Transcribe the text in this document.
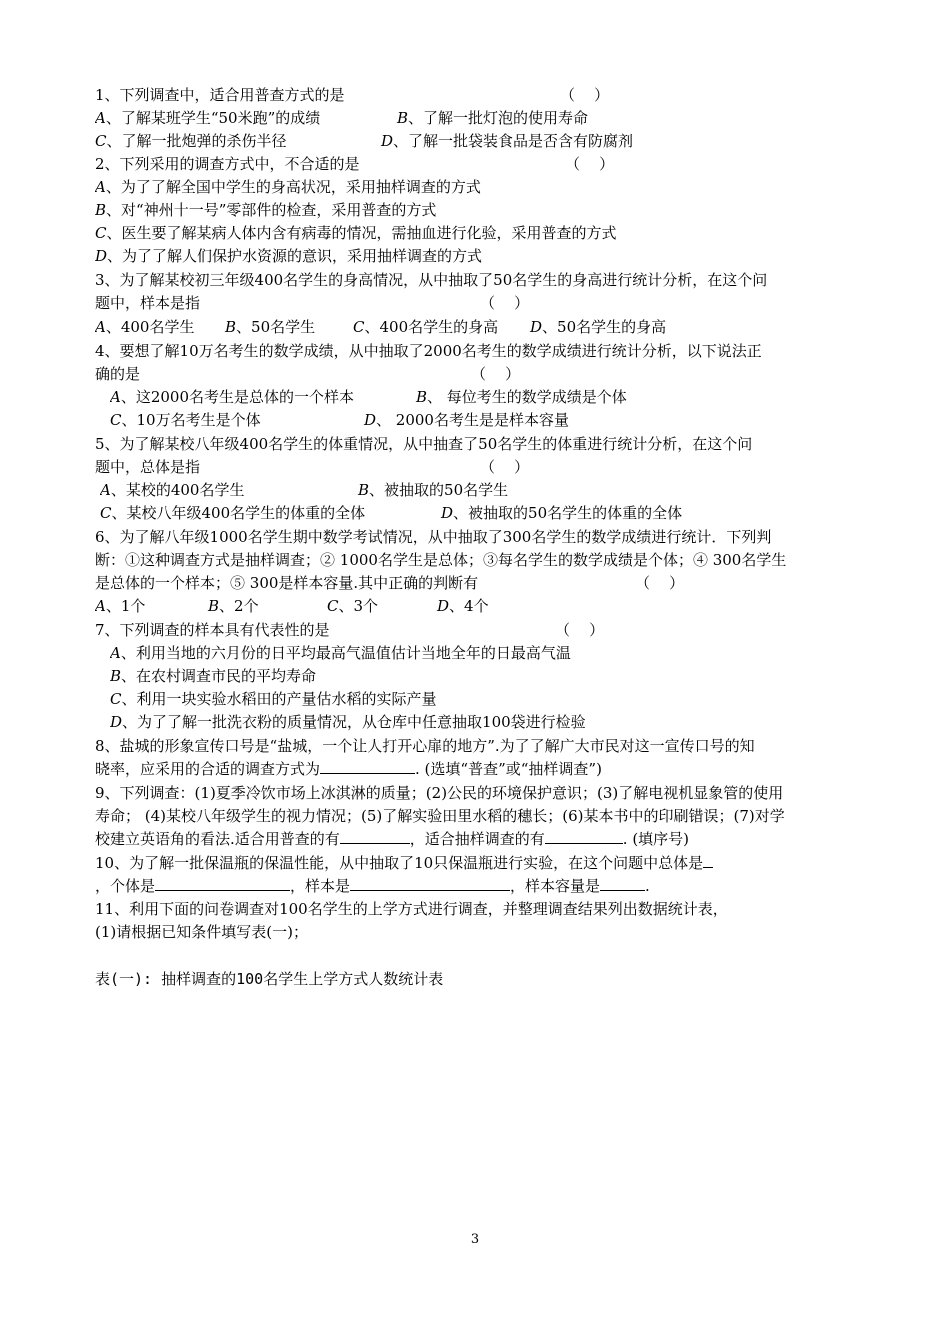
1、下列调查中，适合用普查方式的是	（    ）
A、了解某班学生“50米跑”的成绩	B、了解一批灯泡的使用寿命
C、了解一批炮弹的杀伤半径	D、了解一批袋装食品是否含有防腐剂
2、下列采用的调查方式中，不合适的是	（    ）
A、为了了解全国中学生的身高状况，采用抽样调查的方式
B、对“神州十一号”零部件的检查，采用普查的方式
C、医生要了解某病人体内含有病毒的情况，需抽血进行化验，采用普查的方式
D、为了了解人们保护水资源的意识，采用抽样调查的方式
3、为了解某校初三年级400名学生的身高情况，从中抽取了50名学生的身高进行统计分析，在这个问
题中，样本是指	（    ）
A、400名学生 B、50名学生	C、400名学生的身高 D、50名学生的身高
4、要想了解10万名考生的数学成绩，从中抽取了2000名考生的数学成绩进行统计分析，以下说法正
确的是	（    ）
A、这2000名考生是总体的一个样本	B、 每位考生的数学成绩是个体
C、10万名考生是个体	D、 2000名考生是是样本容量
5、为了解某校八年级400名学生的体重情况，从中抽查了50名学生的体重进行统计分析，在这个问
题中，总体是指	（    ）
A、某校的400名学生	B、被抽取的50名学生
C、某校八年级400名学生的体重的全体	D、被抽取的50名学生的体重的全体
6、为了解八年级1000名学生期中数学考试情况，从中抽取了300名学生的数学成绩进行统计．下列判
断：①这种调查方式是抽样调查；② 1000名学生是总体；③每名学生的数学成绩是个体；④ 300名学生
是总体的一个样本；⑤ 300是样本容量.其中正确的判断有	（    ）
A、1个	B、2个	C、3个	D、4个
7、下列调查的样本具有代表性的是	（    ）
A、利用当地的六月份的日平均最高气温值估计当地全年的日最高气温
B、在农村调查市民的平均寿命
C、利用一块实验水稻田的产量估水稻的实际产量
D、为了了解一批洗衣粉的质量情况，从仓库中任意抽取100袋进行检验
8、盐城的形象宣传口号是“盐城，一个让人打开心扉的地方”.为了了解广大市民对这一宣传口号的知
晓率，应采用的合适的调查方式为	. (选填“普查”或“抽样调查”)
9、下列调查：(1)夏季冷饮市场上冰淇淋的质量；(2)公民的环境保护意识；(3)了解电视机显象管的使用
寿命； (4)某校八年级学生的视力情况；(5)了解实验田里水稻的穗长；(6)某本书中的印刷错误；(7)对学
校建立英语角的看法.适合用普查的有	，适合抽样调查的有	. (填序号)
10、为了解一批保温瓶的保温性能，从中抽取了10只保温瓶进行实验，在这个问题中总体是
，个体是	，样本是	，样本容量是	.
11、利用下面的问卷调查对100名学生的上学方式进行调查，并整理调查结果列出数据统计表，
(1)请根据已知条件填写表(一)；
表(一): 抽样调查的100名学生上学方式人数统计表
3
